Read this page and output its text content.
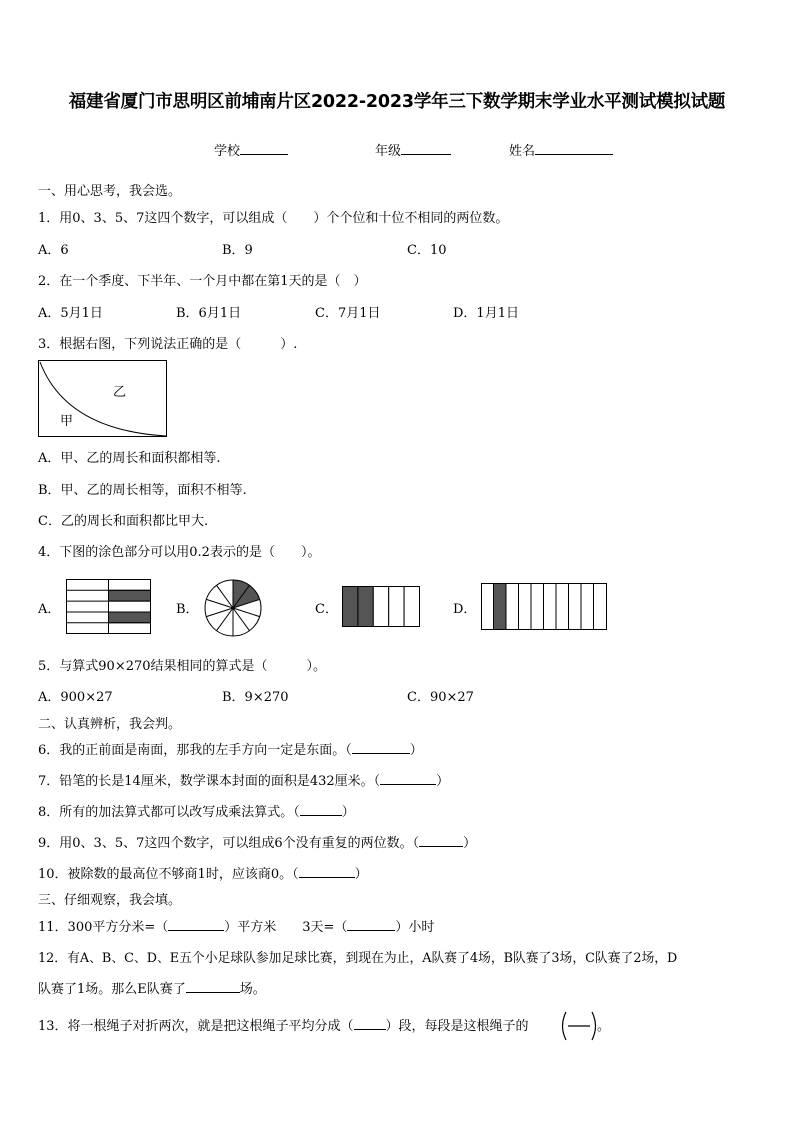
福建省厦门市思明区前埔南片区2022-2023学年三下数学期末学业水平测试模拟试题
学校	年级	姓名
一、用心思考，我会选。
1．用0、3、5、7这四个数字，可以组成（　　）个个位和十位不相同的两位数。
A．6	B．9	C．10
2．在一个季度、下半年、一个月中都在第1天的是（　）
A．5月1日	B．6月1日	C．7月1日	D．1月1日
3．根据右图，下列说法正确的是（　　　）.
乙
甲
A．甲、乙的周长和面积都相等.
B．甲、乙的周长相等，面积不相等.
C．乙的周长和面积都比甲大.
4．下图的涂色部分可以用0.2表示的是（　　）。
A．	B．	C．	D．
5．与算式90×270结果相同的算式是（　　　）。
A．900×27	B．9×270	C．90×27
二、认真辨析，我会判。
6．我的正前面是南面，那我的左手方向一定是东面。（	）
7．铅笔的长是14厘米，数学课本封面的面积是432厘米。（	）
8．所有的加法算式都可以改写成乘法算式。（	）
9．用0、3、5、7这四个数字，可以组成6个没有重复的两位数。（	）
10．被除数的最高位不够商1时，应该商0。（	）
三、仔细观察，我会填。
11．300平方分米=（	）平方米　　3天=（	）小时
12．有A、B、C、D、E五个小足球队参加足球比赛，到现在为止，A队赛了4场，B队赛了3场，C队赛了2场，D
队赛了1场。那么E队赛了	场。
13．将一根绳子对折两次，就是把这根绳子平均分成（ ）段，每段是这根绳子的	。
